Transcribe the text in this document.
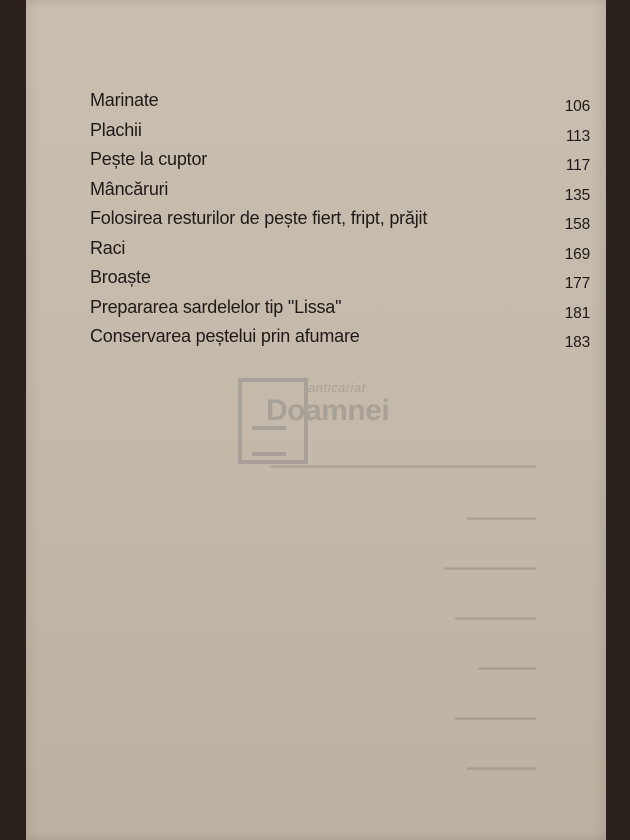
Marinate	106
Plachii	113
Pește la cuptor	117
Mâncăruri	135
Folosirea resturilor de pește fiert, fript, prăjit	158
Raci	169
Broaște	177
Prepararea sardelelor tip "Lissa"	181
Conservarea peștelui prin afumare	183
anticariat
Doamnei
▁▁▁▁▁▁▁▁▁▁▁▁▁▁▁▁▁▁▁▁▁▁▁
▁▁▁▁▁▁
▁▁▁▁▁▁▁▁
▁▁▁▁▁▁▁
▁▁▁▁▁
▁▁▁▁▁▁▁
▁▁▁▁▁▁
